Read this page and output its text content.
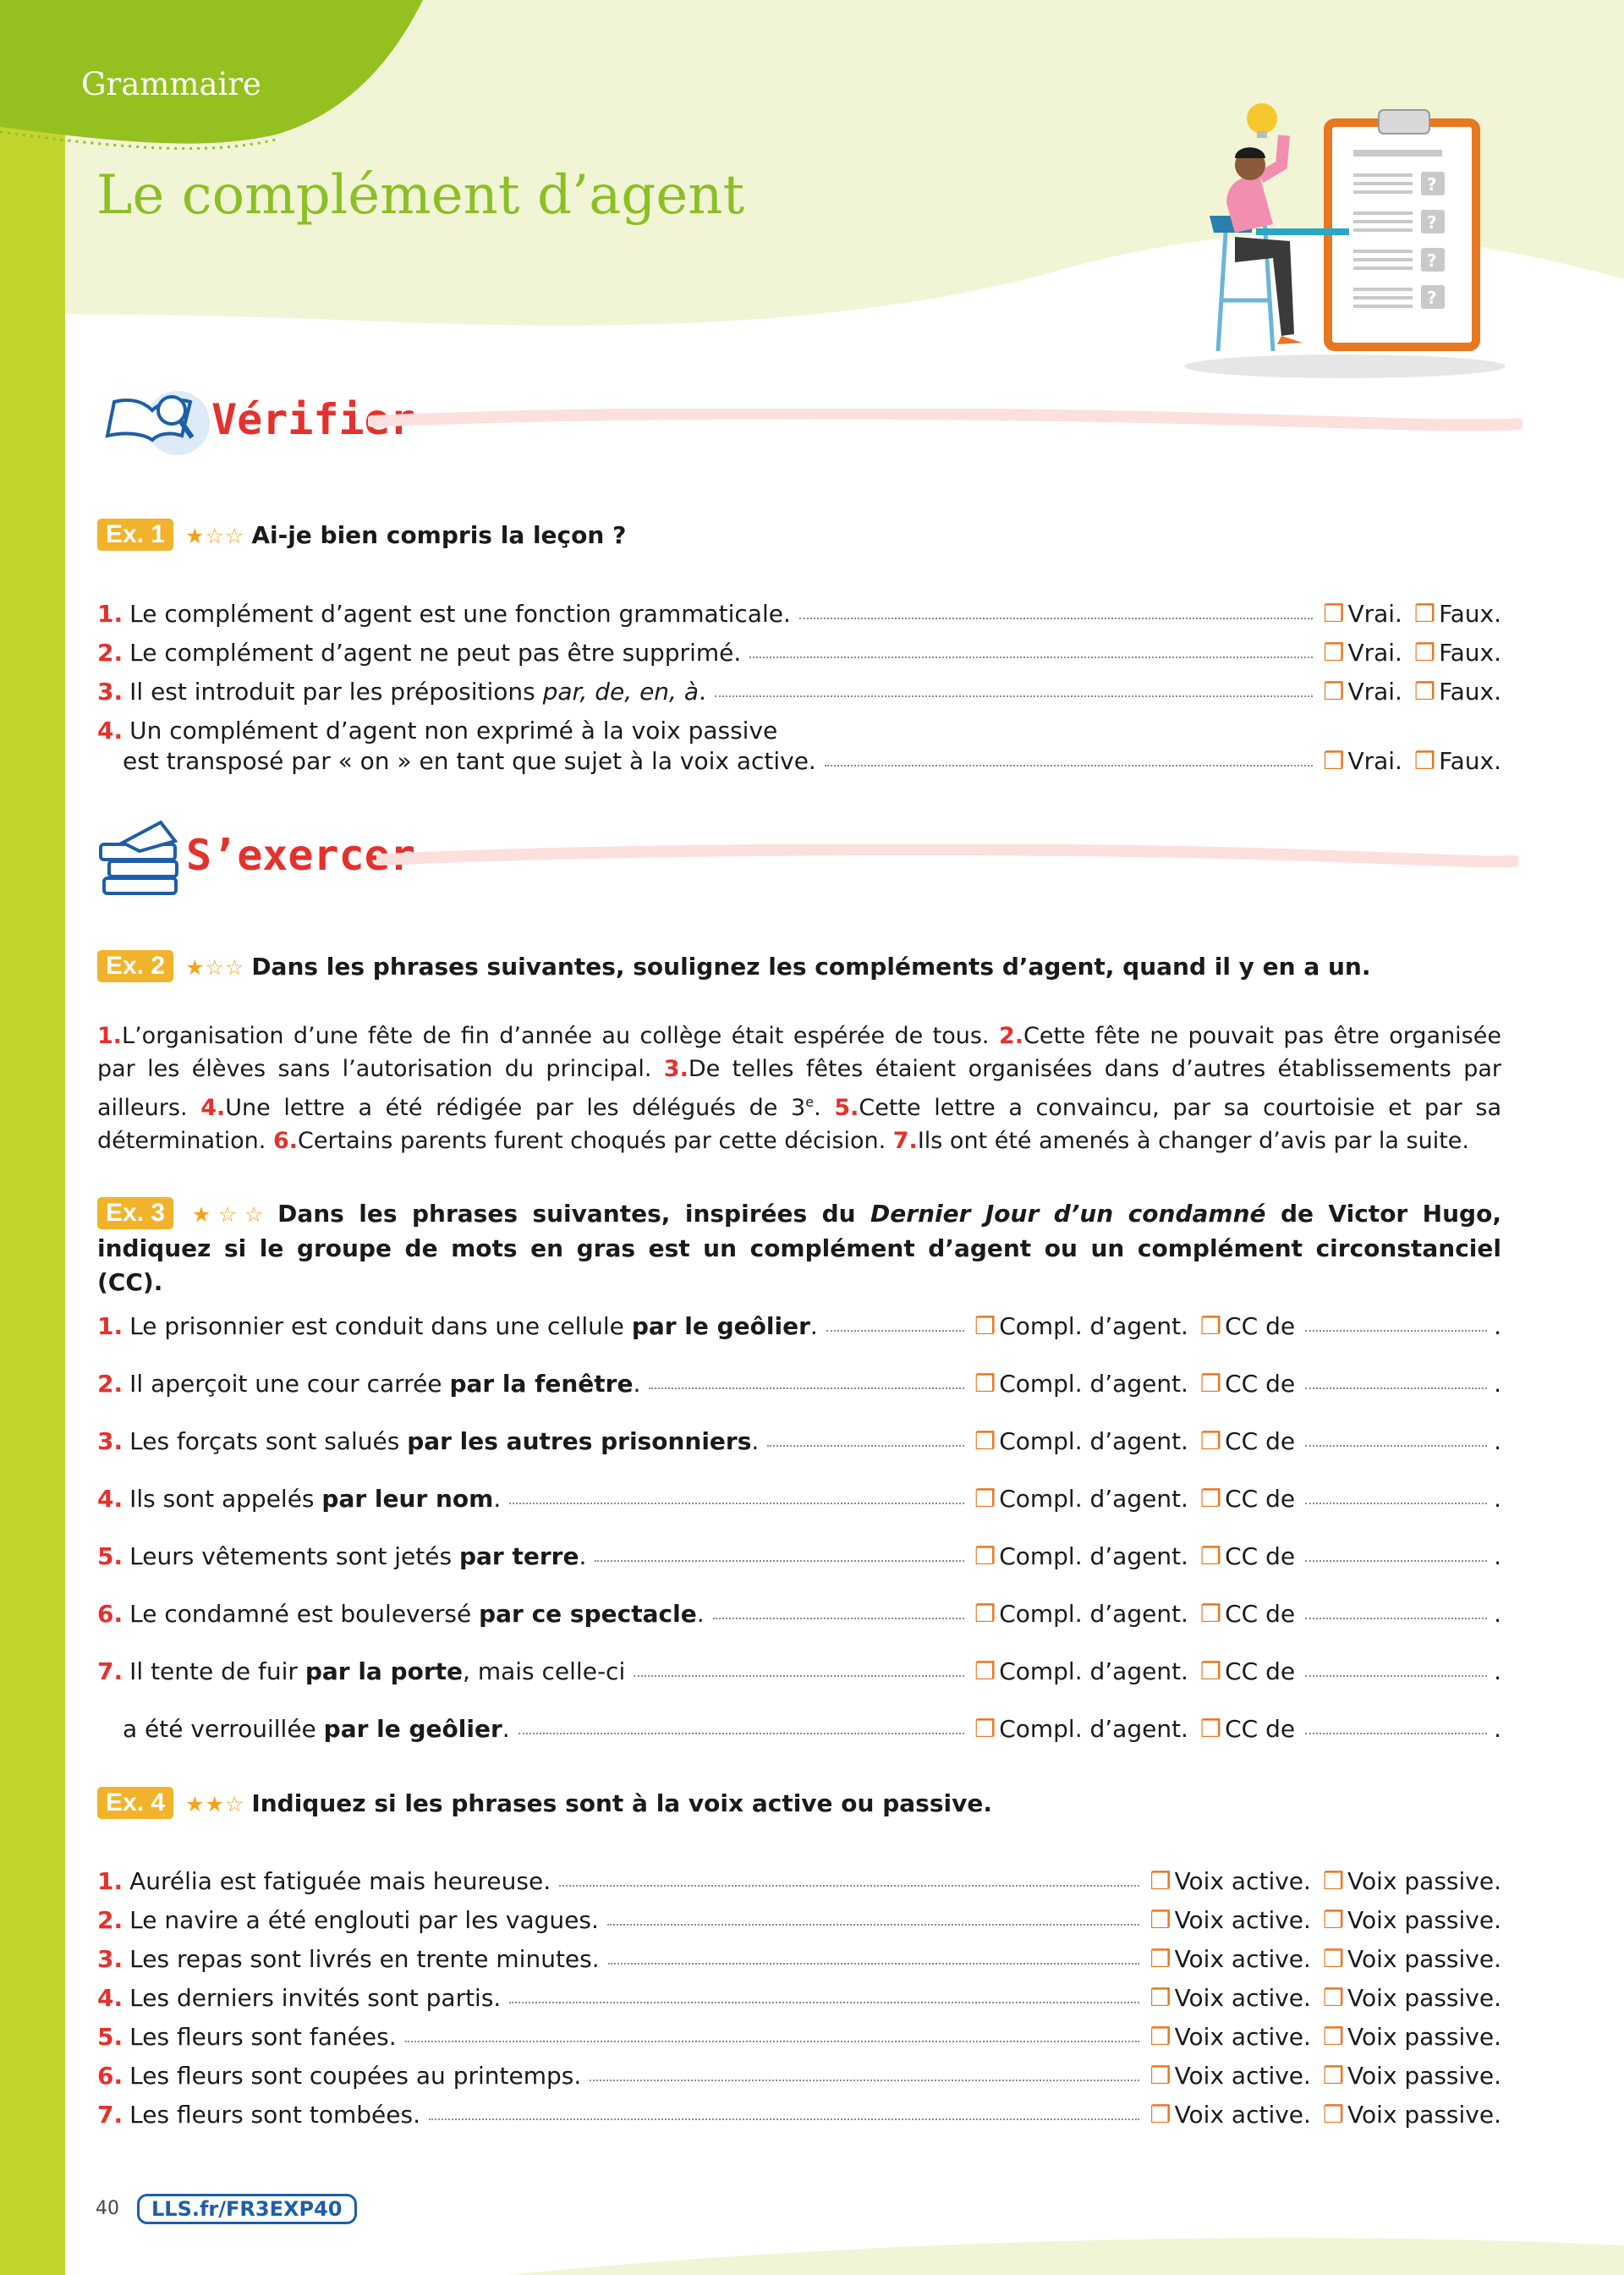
Grammaire
Le complément d’agent	?
?
?
?
Vérifier
Ex. 1 ★☆☆ Ai-je bien compris la leçon ?
1. Le complément d’agent est une fonction grammaticale.	❒ Vrai. ❒ Faux.
2. Le complément d’agent ne peut pas être supprimé.	❒ Vrai. ❒ Faux.
3. Il est introduit par les prépositions par, de, en, à .	❒ Vrai. ❒ Faux.
4. Un complément d’agent non exprimé à la voix passive
est transposé par « on » en tant que sujet à la voix active.	❒ Vrai. ❒ Faux.
S’exercer
Ex. 2 ★☆☆ Dans les phrases suivantes, soulignez les compléments d’agent, quand il y en a un.
1.L’organisation d’une fête de fin d’année au collège était espérée de tous. 2.Cette fête ne pouvait pas être organisée par les élèves sans l’autorisation du principal. 3.De telles fêtes étaient organisées dans d’autres établissements par ailleurs. 4.Une lettre a été rédigée par les délégués de 3e. 5.Cette lettre a convaincu, par sa courtoisie et par sa détermination. 6.Certains parents furent choqués par cette décision. 7.Ils ont été amenés à changer d’avis par la suite.
Ex. 3 ★☆☆ Dans les phrases suivantes, inspirées du Dernier Jour d’un condamné de Victor Hugo, indiquez si le groupe de mots en gras est un complément d’agent ou un complément circonstanciel (CC).
1. Le prisonnier est conduit dans une cellule par le geôlier .	❒ Compl. d’agent. ❒ CC de	.
2. Il aperçoit une cour carrée par la fenêtre .	❒ Compl. d’agent. ❒ CC de	.
3. Les forçats sont salués par les autres prisonniers .	❒ Compl. d’agent. ❒ CC de	.
4. Ils sont appelés par leur nom .	❒ Compl. d’agent. ❒ CC de	.
5. Leurs vêtements sont jetés par terre .	❒ Compl. d’agent. ❒ CC de	.
6. Le condamné est bouleversé par ce spectacle .	❒ Compl. d’agent. ❒ CC de	.
7. Il tente de fuir par la porte , mais celle-ci	❒ Compl. d’agent. ❒ CC de	.
a été verrouillée par le geôlier .	❒ Compl. d’agent. ❒ CC de	.
Ex. 4 ★★☆ Indiquez si les phrases sont à la voix active ou passive.
1. Aurélia est fatiguée mais heureuse.	❒ Voix active. ❒ Voix passive.
2. Le navire a été englouti par les vagues.	❒ Voix active. ❒ Voix passive.
3. Les repas sont livrés en trente minutes.	❒ Voix active. ❒ Voix passive.
4. Les derniers invités sont partis.	❒ Voix active. ❒ Voix passive.
5. Les fleurs sont fanées.	❒ Voix active. ❒ Voix passive.
6. Les fleurs sont coupées au printemps.	❒ Voix active. ❒ Voix passive.
7. Les fleurs sont tombées.	❒ Voix active. ❒ Voix passive.
40	LLS.fr/FR3EXP40
